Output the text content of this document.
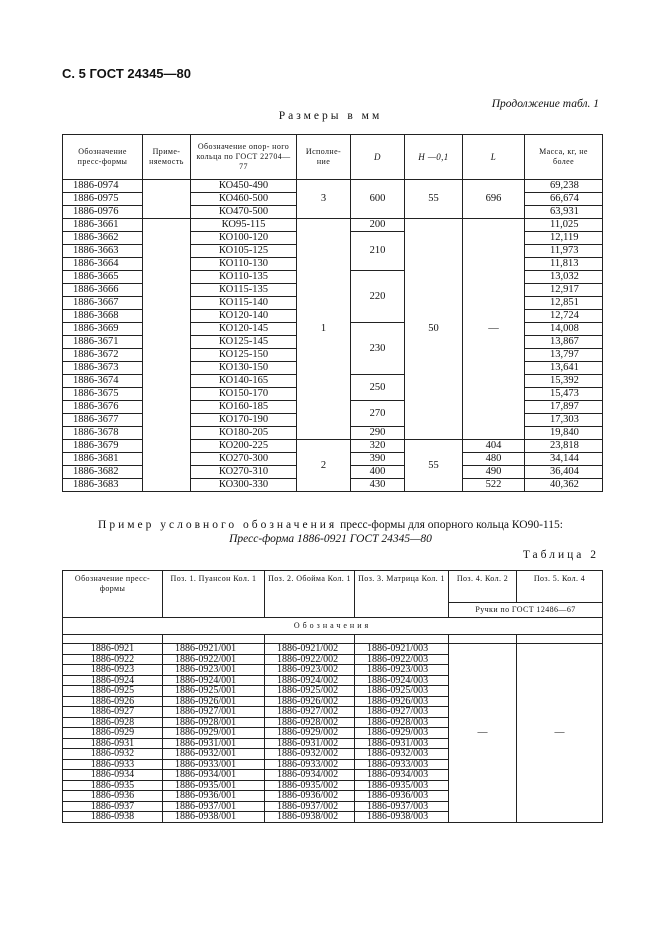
С. 5 ГОСТ 24345—80
Продолжение табл. 1
Размеры в мм
Обозначение пресс-формы	Приме- няемость	Обозначение опор- ного кольца по ГОСТ 22704—77	Исполне- ние	D	H —0,1	L	Масса, кг, не более
1886-0974		КО450-490	3	600	55	696	69,238
1886-0975		КО460-500					66,674
1886-0976		КО470-500					63,931
1886-3661		КО95-115	1	200	50	—	11,025
1886-3662		КО100-120		210			12,119
1886-3663		КО105-125					11,973
1886-3664		КО110-130					11,813
1886-3665		КО110-135		220			13,032
1886-3666		КО115-135					12,917
1886-3667		КО115-140					12,851
1886-3668		КО120-140					12,724
1886-3669		КО120-145		230			14,008
1886-3671		КО125-145					13,867
1886-3672		КО125-150					13,797
1886-3673		КО130-150					13,641
1886-3674		КО140-165		250			15,392
1886-3675		КО150-170					15,473
1886-3676		КО160-185		270			17,897
1886-3677		КО170-190					17,303
1886-3678		КО180-205		290			19,840
1886-3679		КО200-225	2	320	55	404	23,818
1886-3681		КО270-300		390		480	34,144
1886-3682		КО270-310		400		490	36,404
1886-3683		КО300-330		430		522	40,362
Пример условного обозначения пресс-формы для опорного кольца КО90-115:
Пресс-форма 1886-0921 ГОСТ 24345—80
Таблица 2
Обозначение пресс-формы	Поз. 1. Пуансон Кол. 1	Поз. 2. Обойма Кол. 1	Поз. 3. Матрица Кол. 1	Поз. 4. Кол. 2	Поз. 5. Кол. 4
				Ручки по ГОСТ 12486—67	
Обозначения					

1886-0921	1886-0921/001	1886-0921/002	1886-0921/003	—	—
1886-0922	1886-0922/001	1886-0922/002	1886-0922/003		
1886-0923	1886-0923/001	1886-0923/002	1886-0923/003		
1886-0924	1886-0924/001	1886-0924/002	1886-0924/003		
1886-0925	1886-0925/001	1886-0925/002	1886-0925/003		
1886-0926	1886-0926/001	1886-0926/002	1886-0926/003		
1886-0927	1886-0927/001	1886-0927/002	1886-0927/003		
1886-0928	1886-0928/001	1886-0928/002	1886-0928/003		
1886-0929	1886-0929/001	1886-0929/002	1886-0929/003		
1886-0931	1886-0931/001	1886-0931/002	1886-0931/003		
1886-0932	1886-0932/001	1886-0932/002	1886-0932/003		
1886-0933	1886-0933/001	1886-0933/002	1886-0933/003		
1886-0934	1886-0934/001	1886-0934/002	1886-0934/003		
1886-0935	1886-0935/001	1886-0935/002	1886-0935/003		
1886-0936	1886-0936/001	1886-0936/002	1886-0936/003		
1886-0937	1886-0937/001	1886-0937/002	1886-0937/003		
1886-0938	1886-0938/001	1886-0938/002	1886-0938/003		
